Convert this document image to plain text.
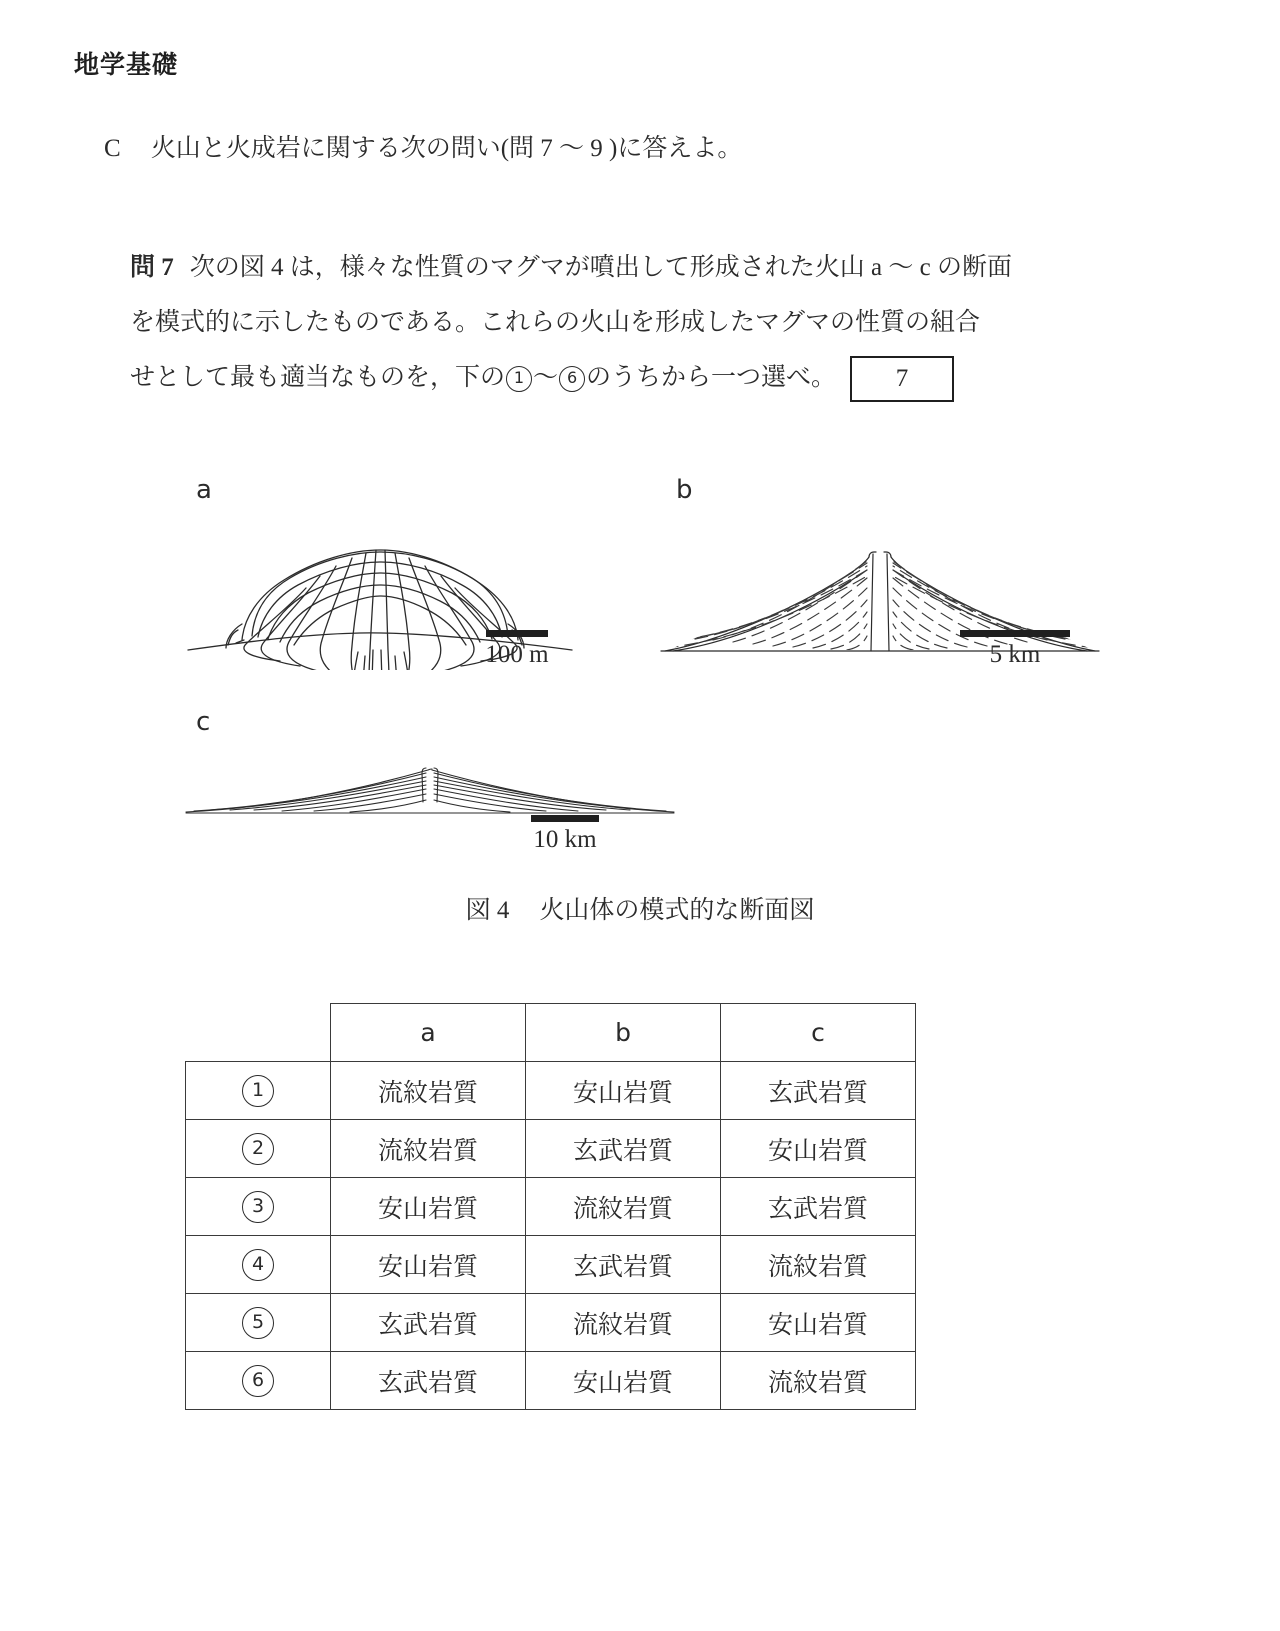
地学基礎
C 火山と火成岩に関する次の問い(問 7 ～ 9 )に答えよ。
問 7 次の図 4 は，様々な性質のマグマが噴出して形成された火山 a ～ c の断面
を模式的に示したものである。これらの火山を形成したマグマの性質の組合
せとして最も適当なものを，下の 1 ～ 6 のうちから一つ選べ。 7
a	b
c
100 m	5 km
10 km
図 4 火山体の模式的な断面図
	a	b	c
1	流紋岩質	安山岩質	玄武岩質
2	流紋岩質	玄武岩質	安山岩質
3	安山岩質	流紋岩質	玄武岩質
4	安山岩質	玄武岩質	流紋岩質
5	玄武岩質	流紋岩質	安山岩質
6	玄武岩質	安山岩質	流紋岩質
